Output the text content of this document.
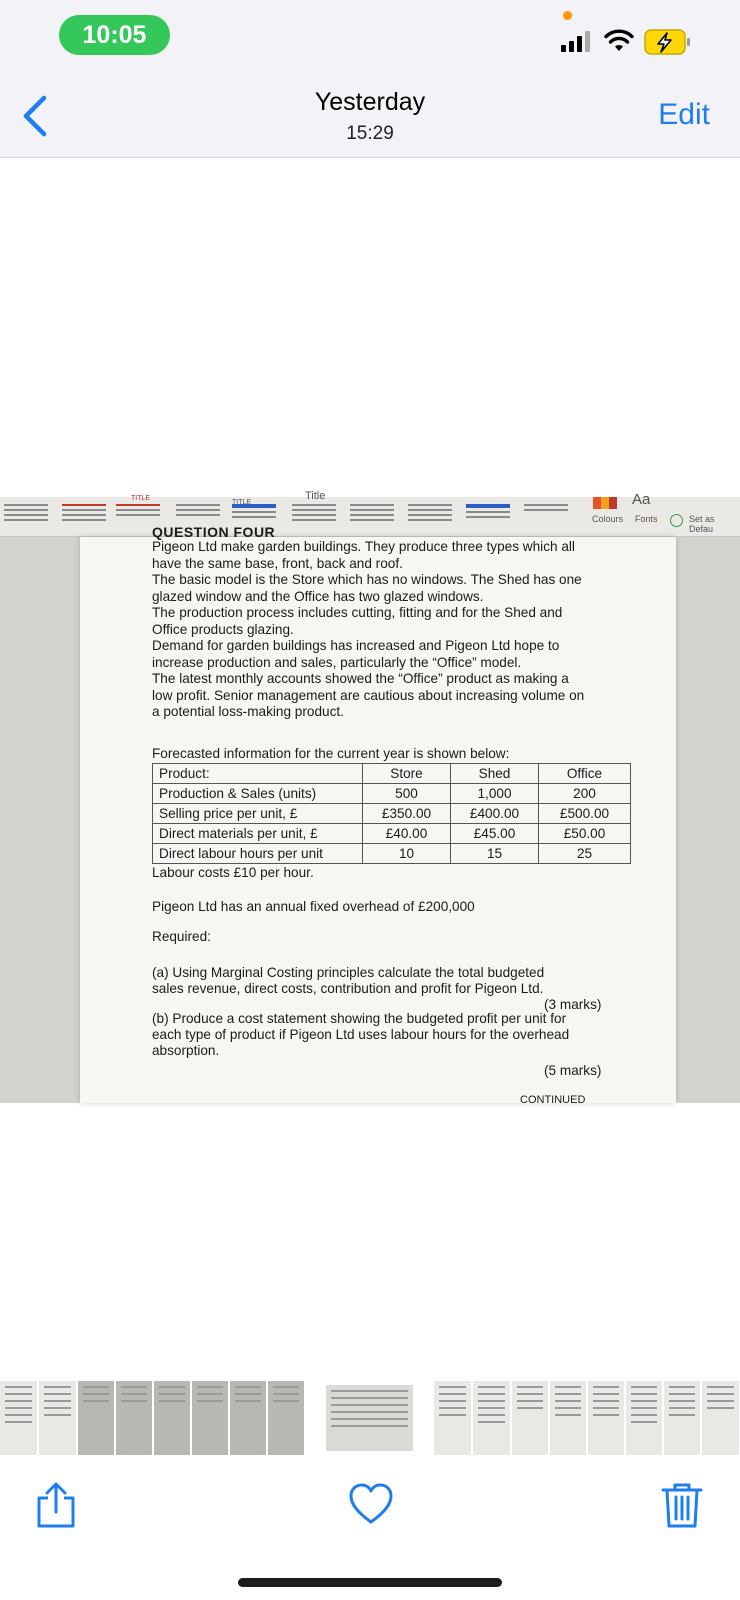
10:05
Yesterday
15:29
Edit
TITLE
TITLE
Title	Aa
Colours Fonts	Set as Defau
QUESTION FOUR
Pigeon Ltd make garden buildings. They produce three types which all
have the same base, front, back and roof.
The basic model is the Store which has no windows. The Shed has one
glazed window and the Office has two glazed windows.
The production process includes cutting, fitting and for the Shed and
Office products glazing.
Demand for garden buildings has increased and Pigeon Ltd hope to
increase production and sales, particularly the “Office” model.
The latest monthly accounts showed the “Office” product as making a
low profit. Senior management are cautious about increasing volume on
a potential loss-making product.
Forecasted information for the current year is shown below:
Product:	Store	Shed	Office
Production & Sales (units)	500	1,000	200
Selling price per unit, £	£350.00	£400.00	£500.00
Direct materials per unit, £	£40.00	£45.00	£50.00
Direct labour hours per unit	10	15	25
Labour costs £10 per hour.
Pigeon Ltd has an annual fixed overhead of £200,000
Required:
(a) Using Marginal Costing principles calculate the total budgeted
sales revenue, direct costs, contribution and profit for Pigeon Ltd.
(3 marks)
(b) Produce a cost statement showing the budgeted profit per unit for
each type of product if Pigeon Ltd uses labour hours for the overhead
absorption.
(5 marks)
CONTINUED
